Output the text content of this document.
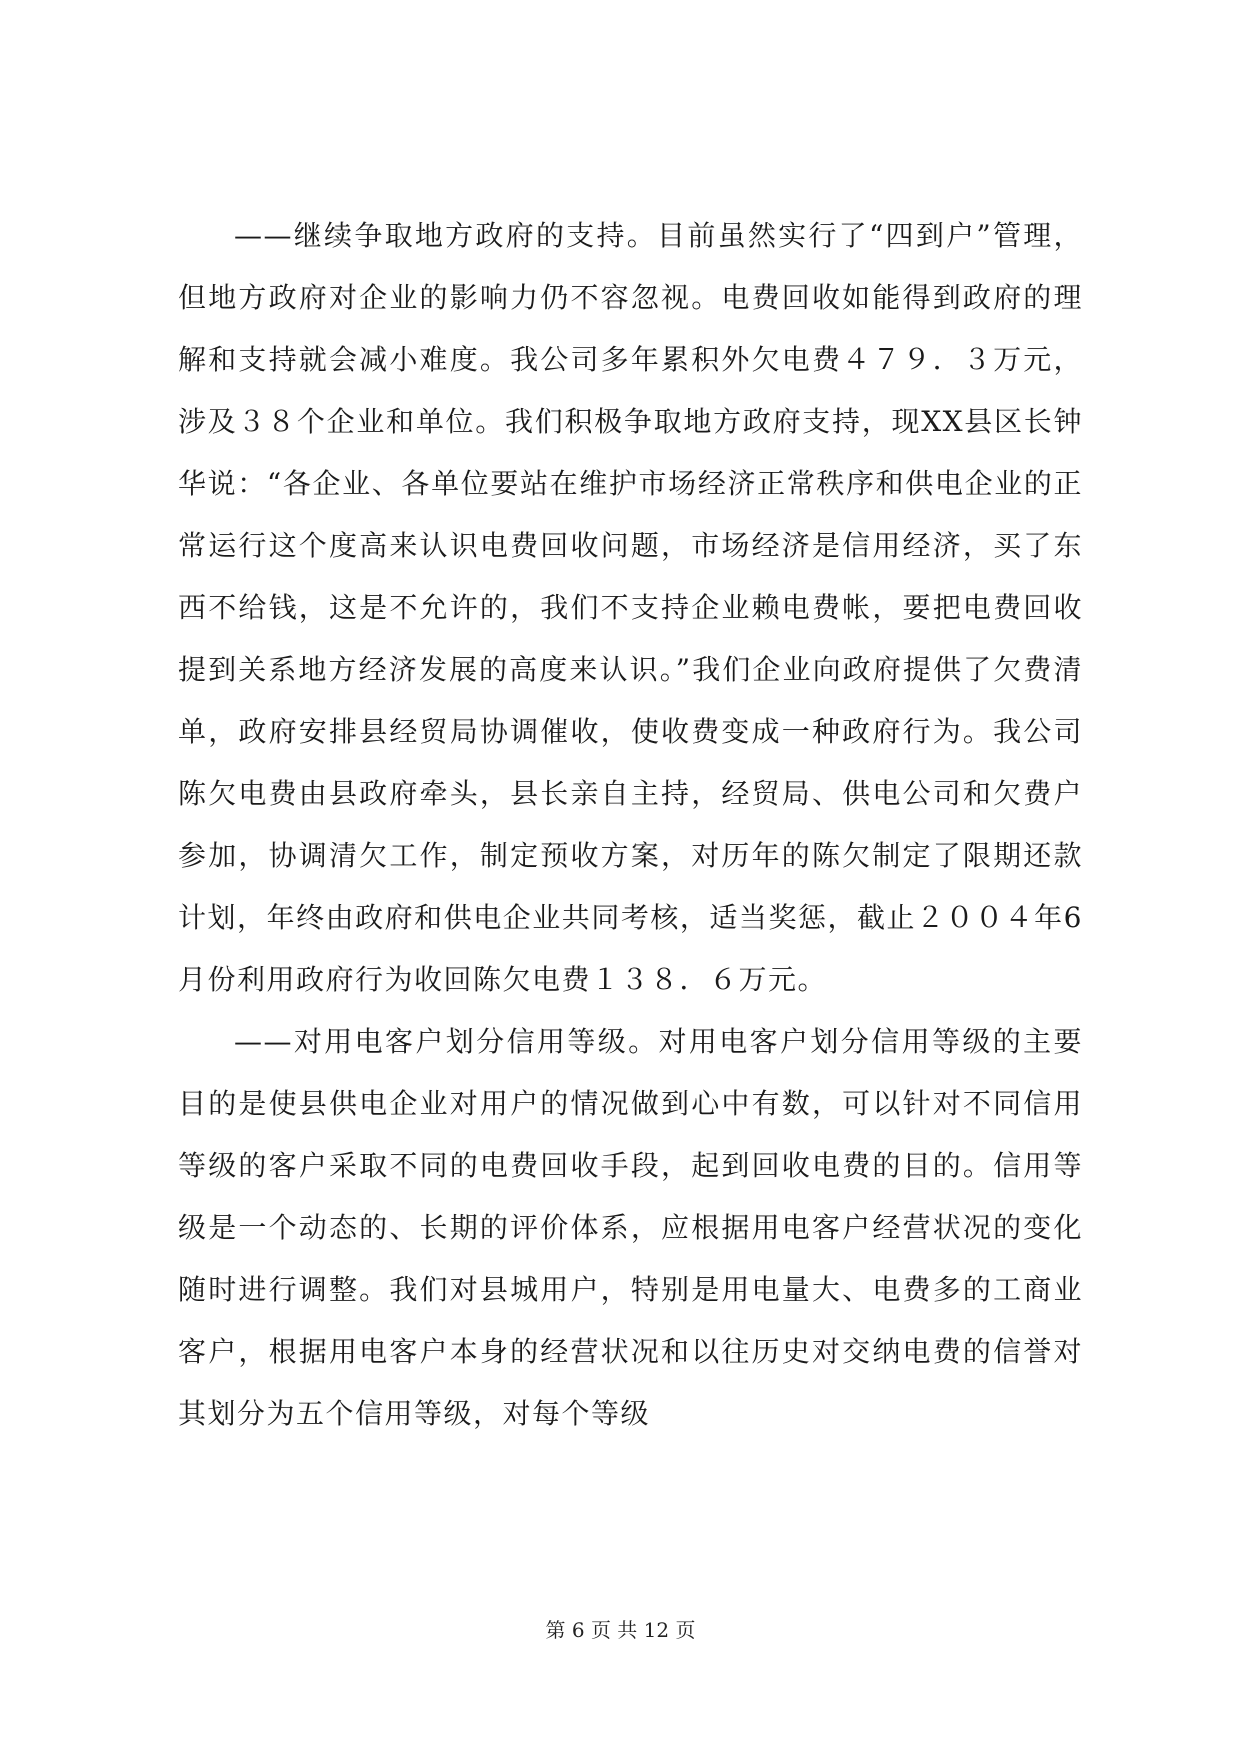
——继续争取地方政府的支持。目前虽然实行了“四到户”管理，但地方政府对企业的影响力仍不容忽视。电费回收如能得到政府的理解和支持就会减小难度。我公司多年累积外欠电费４７９．３万元，涉及３８个企业和单位。我们积极争取地方政府支持，现XX县区长钟华说：“各企业、各单位要站在维护市场经济正常秩序和供电企业的正常运行这个度高来认识电费回收问题，市场经济是信用经济，买了东西不给钱，这是不允许的，我们不支持企业赖电费帐，要把电费回收提到关系地方经济发展的高度来认识。”我们企业向政府提供了欠费清单，政府安排县经贸局协调催收，使收费变成一种政府行为。我公司陈欠电费由县政府牵头，县长亲自主持，经贸局、供电公司和欠费户参加，协调清欠工作，制定预收方案，对历年的陈欠制定了限期还款计划，年终由政府和供电企业共同考核，适当奖惩，截止２００４年6月份利用政府行为收回陈欠电费１３８．６万元。

——对用电客户划分信用等级。对用电客户划分信用等级的主要目的是使县供电企业对用户的情况做到心中有数，可以针对不同信用等级的客户采取不同的电费回收手段，起到回收电费的目的。信用等级是一个动态的、长期的评价体系，应根据用电客户经营状况的变化随时进行调整。我们对县城用户，特别是用电量大、电费多的工商业客户，根据用电客户本身的经营状况和以往历史对交纳电费的信誉对其划分为五个信用等级，对每个等级

第 6 页 共 12 页
